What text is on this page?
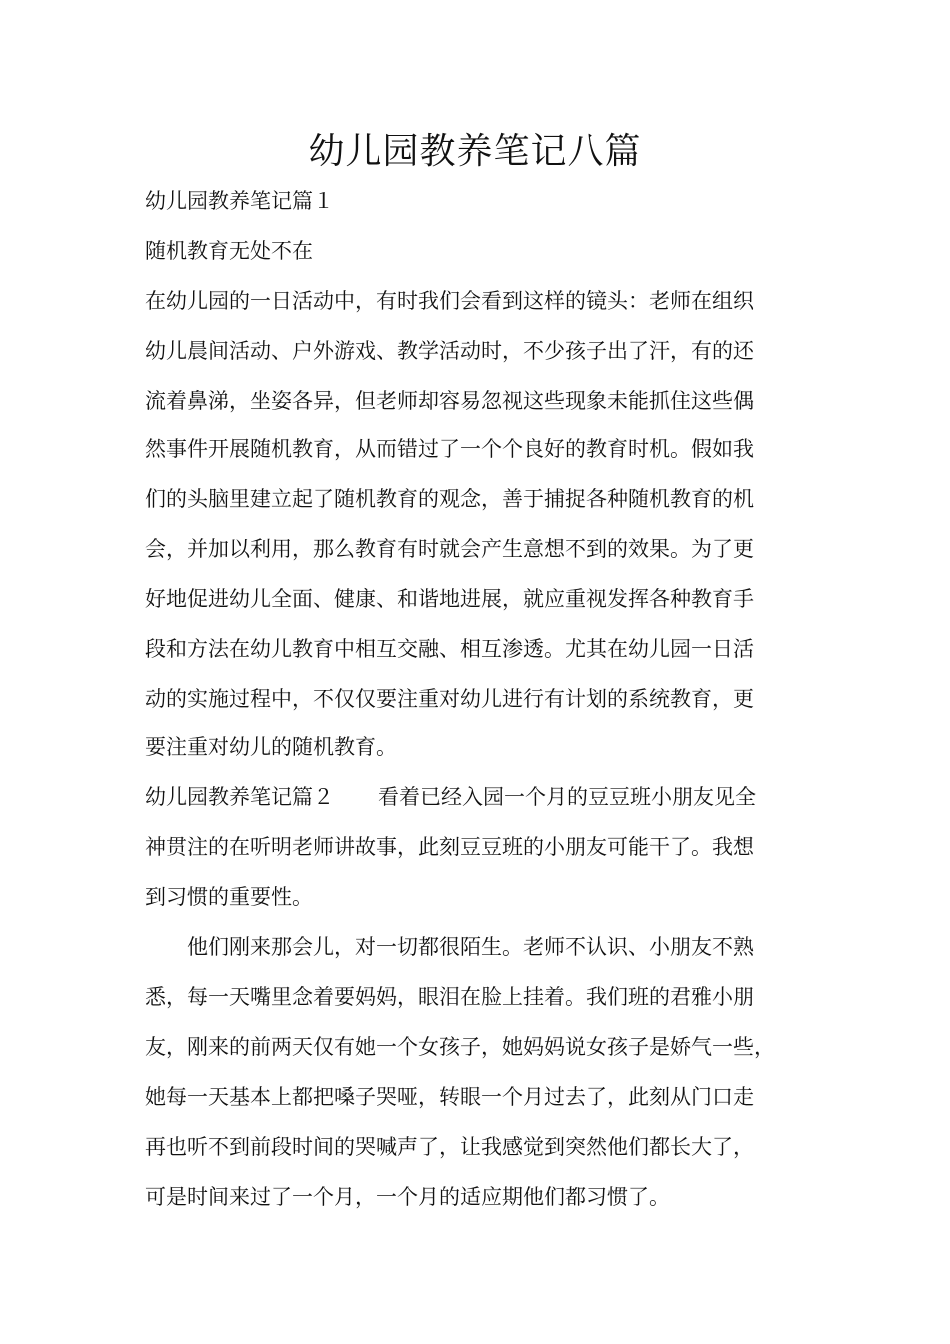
幼儿园教养笔记八篇

幼儿园教养笔记篇１

随机教育无处不在

在幼儿园的一日活动中，有时我们会看到这样的镜头：老师在组织

幼儿晨间活动、户外游戏、教学活动时，不少孩子出了汗，有的还

流着鼻涕，坐姿各异，但老师却容易忽视这些现象未能抓住这些偶

然事件开展随机教育，从而错过了一个个良好的教育时机。假如我

们的头脑里建立起了随机教育的观念，善于捕捉各种随机教育的机

会，并加以利用，那么教育有时就会产生意想不到的效果。为了更

好地促进幼儿全面、健康、和谐地进展，就应重视发挥各种教育手

段和方法在幼儿教育中相互交融、相互渗透。尤其在幼儿园一日活

动的实施过程中，不仅仅要注重对幼儿进行有计划的系统教育，更

要注重对幼儿的随机教育。

幼儿园教养笔记篇２ 看着已经入园一个月的豆豆班小朋友见全

神贯注的在听明老师讲故事，此刻豆豆班的小朋友可能干了。我想

到习惯的重要性。

　　他们刚来那会儿，对一切都很陌生。老师不认识、小朋友不熟

悉，每一天嘴里念着要妈妈，眼泪在脸上挂着。我们班的君雅小朋

友，刚来的前两天仅有她一个女孩子，她妈妈说女孩子是娇气一些，

她每一天基本上都把嗓子哭哑，转眼一个月过去了，此刻从门口走

再也听不到前段时间的哭喊声了，让我感觉到突然他们都长大了，

可是时间来过了一个月，一个月的适应期他们都习惯了。
